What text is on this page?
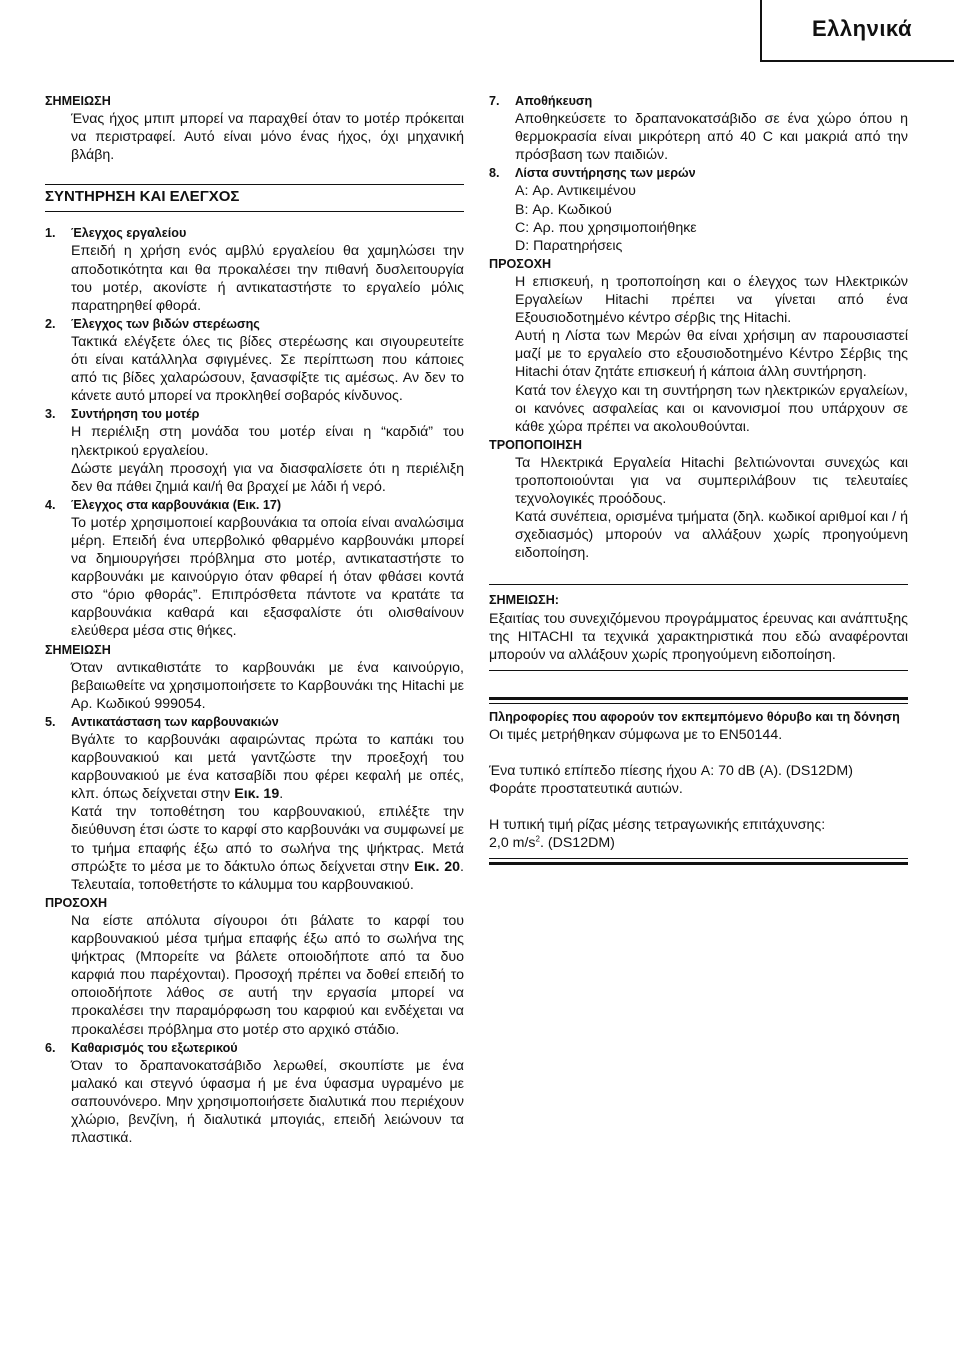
Ελληνικά
ΣΗΜΕΙΩΣΗ

Ένας ήχος μπιπ μπορεί να παραχθεί όταν το μοτέρ πρόκειται να περιστραφεί. Αυτό είναι μόνο ένας ήχος, όχι μηχανική βλάβη.

ΣΥΝΤΗΡΗΣΗ ΚΑΙ ΕΛΕΓΧΟΣ
1.	Έλεγχος εργαλείου

Επειδή η χρήση ενός αμβλύ εργαλείου θα χαμηλώσει την αποδοτικότητα και θα προκαλέσει την πιθανή δυσλειτουργία του μοτέρ, ακονίστε ή αντικαταστήστε το εργαλείο μόλις παρατηρηθεί φθορά.

2.	Έλεγχος των βιδών στερέωσης

Τακτικά ελέγξετε όλες τις βίδες στερέωσης και σιγουρευτείτε ότι είναι κατάλληλα σφιγμένες. Σε περίπτωση που κάποιες από τις βίδες χαλαρώσουν, ξανασφίξτε τις αμέσως. Αν δεν το κάνετε αυτό μπορεί να προκληθεί σοβαρός κίνδυνος.

3.	Συντήρηση του μοτέρ

Η περιέλιξη στη μονάδα του μοτέρ είναι η “καρδιά” του ηλεκτρικού εργαλείου.

Δώστε μεγάλη προσοχή για να διασφαλίσετε ότι η περιέλιξη δεν θα πάθει ζημιά και/ή θα βραχεί με λάδι ή νερό.

4.	Έλεγχος στα καρβουνάκια (Εικ. 17)

Το μοτέρ χρησιμοποιεί καρβουνάκια τα οποία είναι αναλώσιμα μέρη. Επειδή ένα υπερβολικό φθαρμένο καρβουνάκι μπορεί να δημιουργήσει πρόβλημα στο μοτέρ, αντικαταστήστε το καρβουνάκι με καινούργιο όταν φθαρεί ή όταν φθάσει κοντά στο “όριο φθοράς”. Επιπρόσθετα πάντοτε να κρατάτε τα καρβουνάκια καθαρά και εξασφαλίστε ότι ολισθαίνουν ελεύθερα μέσα στις θήκες.

ΣΗΜΕΙΩΣΗ

Όταν αντικαθιστάτε το καρβουνάκι με ένα καινούργιο, βεβαιωθείτε να χρησιμοποιήσετε το Καρβουνάκι της Hitachi με Αρ. Κωδικού 999054.

5.	Αντικατάσταση των καρβουνακιών

Βγάλτε το καρβουνάκι αφαιρώντας πρώτα το καπάκι του καρβουνακιού και μετά γαντζώστε την προεξοχή του καρβουνακιού με ένα κατσαβίδι που φέρει κεφαλή με οπές, κλπ. όπως δείχνεται στην Εικ. 19.

Κατά την τοποθέτηση του καρβουνακιού, επιλέξτε την διεύθυνση έτσι ώστε το καρφί στο καρβουνάκι να συμφωνεί με το τμήμα επαφής έξω από το σωλήνα της ψήκτρας. Μετά σπρώξτε το μέσα με το δάκτυλο όπως δείχνεται στην Εικ. 20. Τελευταία, τοποθετήστε το κάλυμμα του καρβουνακιού.

ΠΡΟΣΟΧΗ

Να είστε απόλυτα σίγουροι ότι βάλατε το καρφί του καρβουνακιού μέσα τμήμα επαφής έξω από το σωλήνα της ψήκτρας (Μπορείτε να βάλετε οποιοδήποτε από τα δυο καρφιά που παρέχονται). Προσοχή πρέπει να δοθεί επειδή το οποιοδήποτε λάθος σε αυτή την εργασία μπορεί να προκαλέσει την παραμόρφωση του καρφιού και ενδέχεται να προκαλέσει πρόβλημα στο μοτέρ στο αρχικό στάδιο.

6.	Καθαρισμός του εξωτερικού

Όταν το δραπανοκατσάβιδο λερωθεί, σκουπίστε με ένα μαλακό και στεγνό ύφασμα ή με ένα ύφασμα υγραμένο με σαπουνόνερο. Μην χρησιμοποιήσετε διαλυτικά που περιέχουν χλώριο, βενζίνη, ή διαλυτικά μπογιάς, επειδή λειώνουν τα πλαστικά.

7.	Αποθήκευση

Αποθηκεύσετε το δραπανοκατσάβιδο σε ένα χώρο όπου η θερμοκρασία είναι μικρότερη από 40 C και μακριά από την πρόσβαση των παιδιών.

8.	Λίστα συντήρησης των μερών
A: Αρ. Αντικειμένου
B: Αρ. Κωδικού
C: Αρ. που χρησιμοποιήθηκε
D: Παρατηρήσεις
ΠΡΟΣΟΧΗ

Η επισκευή, η τροποποίηση και ο έλεγχος των Ηλεκτρικών Εργαλείων Hitachi πρέπει να γίνεται από ένα Εξουσιοδοτημένο κέντρο σέρβις της Hitachi.

Αυτή η Λίστα των Μερών θα είναι χρήσιμη αν παρουσιαστεί μαζί με το εργαλείο στο εξουσιοδοτημένο Κέντρο Σέρβις της Hitachi όταν ζητάτε επισκευή ή κάποια άλλη συντήρηση.

Κατά τον έλεγχο και τη συντήρηση των ηλεκτρικών εργαλείων, οι κανόνες ασφαλείας και οι κανονισμοί που υπάρχουν σε κάθε χώρα πρέπει να ακολουθούνται.

ΤΡΟΠΟΠΟΙΗΣΗ

Τα Ηλεκτρικά Εργαλεία Hitachi βελτιώνονται συνεχώς και τροποποιούνται για να συμπεριλάβουν τις τελευταίες τεχνολογικές προόδους.

Κατά συνέπεια, ορισμένα τμήματα (δηλ. κωδικοί αριθμοί και / ή σχεδιασμός) μπορούν να αλλάξουν χωρίς προηγούμενη ειδοποίηση.

ΣΗΜΕΙΩΣΗ:

Εξαιτίας του συνεχιζόμενου προγράμματος έρευνας και ανάπτυξης της HITACHI τα τεχνικά χαρακτηριστικά που εδώ αναφέρονται μπορούν να αλλάξουν χωρίς προηγούμενη ειδοποίηση.

Πληροφορίες που αφορούν τον εκπεμπόμενο θόρυβο και τη δόνηση
Οι τιμές μετρήθηκαν σύμφωνα με το EN50144.
Ένα τυπικό επίπεδο πίεσης ήχου A: 70 dB (A). (DS12DM)
Φοράτε προστατευτικά αυτιών.
Η τυπική τιμή ρίζας μέσης τετραγωνικής επιτάχυνσης:
2,0 $m/s^2$. (DS12DM)
